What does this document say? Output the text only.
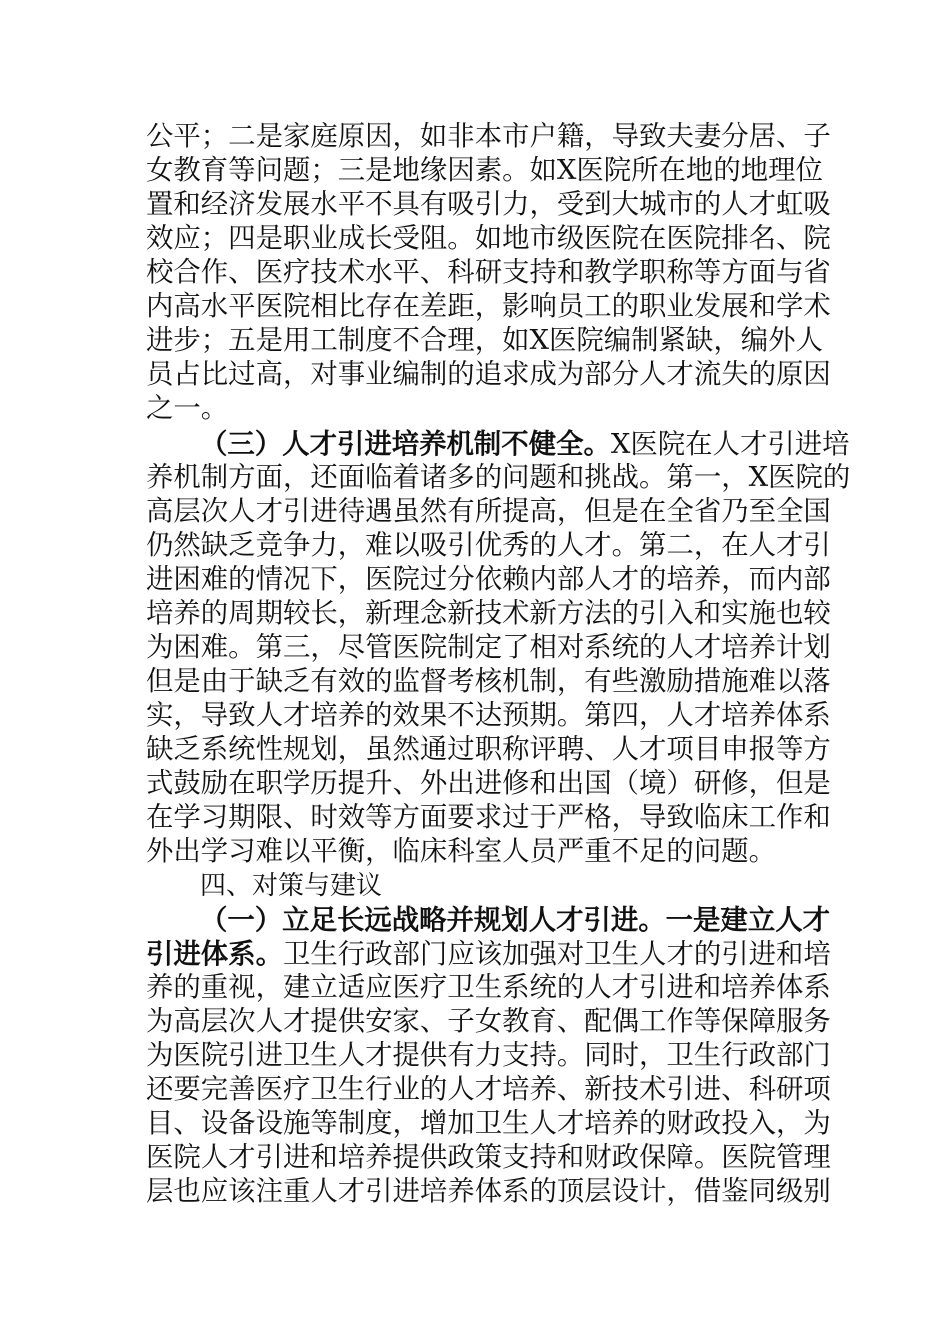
公平；二是家庭原因，如非本市户籍，导致夫妻分居、子
女教育等问题；三是地缘因素。如X医院所在地的地理位
置和经济发展水平不具有吸引力，受到大城市的人才虹吸
效应；四是职业成长受阻。如地市级医院在医院排名、院
校合作、医疗技术水平、科研支持和教学职称等方面与省
内高水平医院相比存在差距，影响员工的职业发展和学术
进步；五是用工制度不合理，如X医院编制紧缺，编外人
员占比过高，对事业编制的追求成为部分人才流失的原因
之一。
（三）人才引进培养机制不健全。X医院在人才引进培
养机制方面，还面临着诸多的问题和挑战。第一，X医院的
高层次人才引进待遇虽然有所提高，但是在全省乃至全国
仍然缺乏竞争力，难以吸引优秀的人才。第二，在人才引
进困难的情况下，医院过分依赖内部人才的培养，而内部
培养的周期较长，新理念新技术新方法的引入和实施也较
为困难。第三，尽管医院制定了相对系统的人才培养计划
但是由于缺乏有效的监督考核机制，有些激励措施难以落
实，导致人才培养的效果不达预期。第四，人才培养体系
缺乏系统性规划，虽然通过职称评聘、人才项目申报等方
式鼓励在职学历提升、外出进修和出国（境）研修，但是
在学习期限、时效等方面要求过于严格，导致临床工作和
外出学习难以平衡，临床科室人员严重不足的问题。
四、对策与建议
（一）立足长远战略并规划人才引进。一是建立人才
引进体系。卫生行政部门应该加强对卫生人才的引进和培
养的重视，建立适应医疗卫生系统的人才引进和培养体系
为高层次人才提供安家、子女教育、配偶工作等保障服务
为医院引进卫生人才提供有力支持。同时，卫生行政部门
还要完善医疗卫生行业的人才培养、新技术引进、科研项
目、设备设施等制度，增加卫生人才培养的财政投入，为
医院人才引进和培养提供政策支持和财政保障。医院管理
层也应该注重人才引进培养体系的顶层设计，借鉴同级别
